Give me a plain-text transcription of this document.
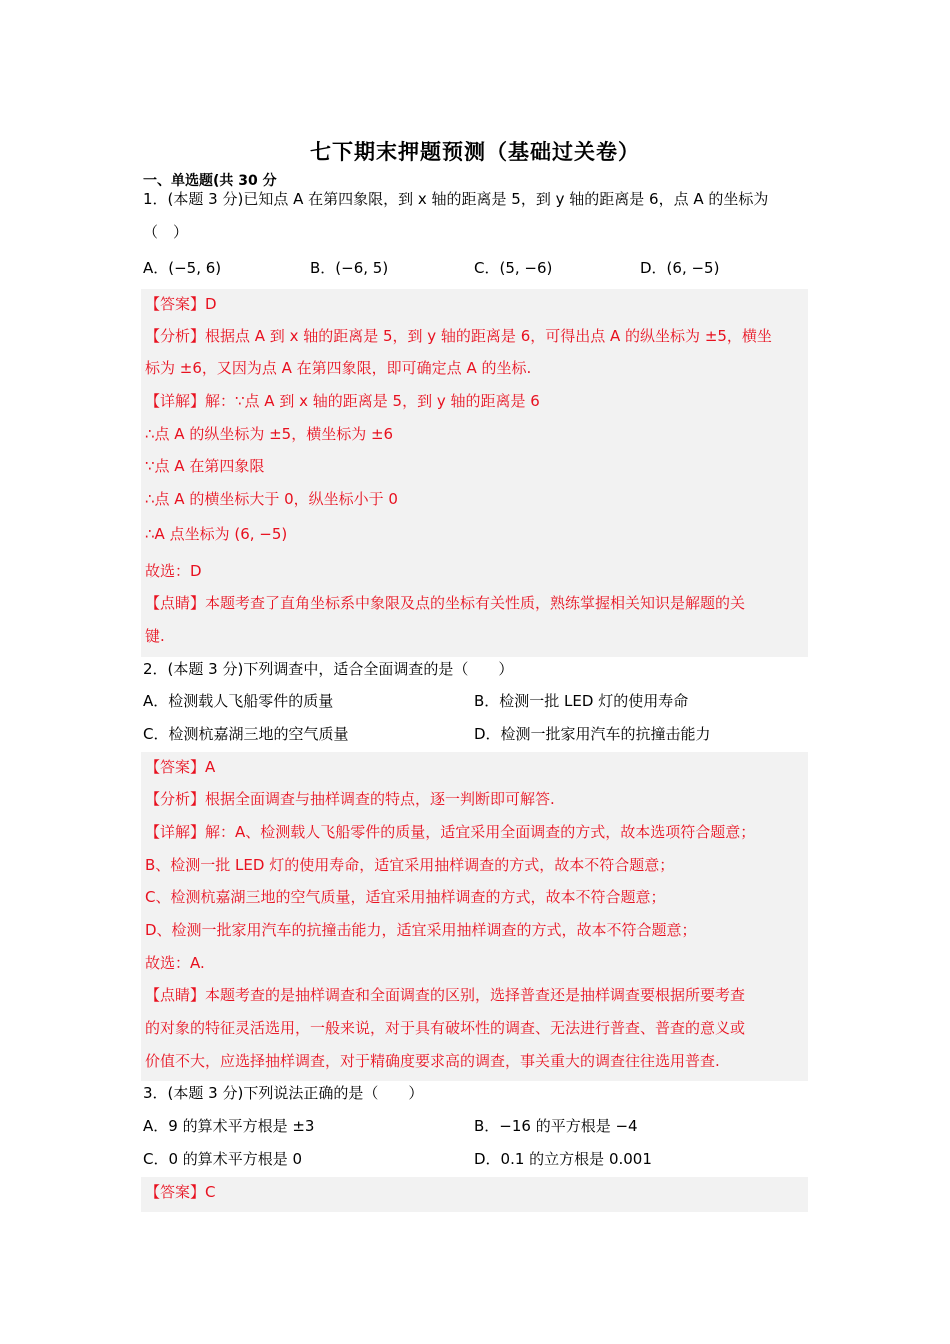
七下期末押题预测（基础过关卷）
一、单选题(共 30 分
1．(本题 3 分)已知点 A 在第四象限，到 x 轴的距离是 5，到 y 轴的距离是 6，点 A 的坐标为
（　）
A．(−5, 6)	B．(−6, 5)	C．(5, −6)	D．(6, −5)
【答案】D
【分析】根据点 A 到 x 轴的距离是 5，到 y 轴的距离是 6，可得出点 A 的纵坐标为 ±5，横坐
标为 ±6，又因为点 A 在第四象限，即可确定点 A 的坐标.
【详解】解：∵点 A 到 x 轴的距离是 5，到 y 轴的距离是 6
∴点 A 的纵坐标为 ±5，横坐标为 ±6
∵点 A 在第四象限
∴点 A 的横坐标大于 0，纵坐标小于 0
∴A 点坐标为 (6, −5)
故选：D
【点睛】本题考查了直角坐标系中象限及点的坐标有关性质，熟练掌握相关知识是解题的关
键.
2．(本题 3 分)下列调查中，适合全面调查的是（　　）
A．检测载人飞船零件的质量	B．检测一批 LED 灯的使用寿命
C．检测杭嘉湖三地的空气质量	D．检测一批家用汽车的抗撞击能力
【答案】A
【分析】根据全面调查与抽样调查的特点，逐一判断即可解答.
【详解】解：A、检测载人飞船零件的质量，适宜采用全面调查的方式，故本选项符合题意；
B、检测一批 LED 灯的使用寿命，适宜采用抽样调查的方式，故本不符合题意；
C、检测杭嘉湖三地的空气质量，适宜采用抽样调查的方式，故本不符合题意；
D、检测一批家用汽车的抗撞击能力，适宜采用抽样调查的方式，故本不符合题意；
故选：A.
【点睛】本题考查的是抽样调查和全面调查的区别，选择普查还是抽样调查要根据所要考查
的对象的特征灵活选用，一般来说，对于具有破坏性的调查、无法进行普查、普查的意义或
价值不大，应选择抽样调查，对于精确度要求高的调查，事关重大的调查往往选用普查.
3．(本题 3 分)下列说法正确的是（　　）
A．9 的算术平方根是 ±3	B．−16 的平方根是 −4
C．0 的算术平方根是 0	D．0.1 的立方根是 0.001
【答案】C
